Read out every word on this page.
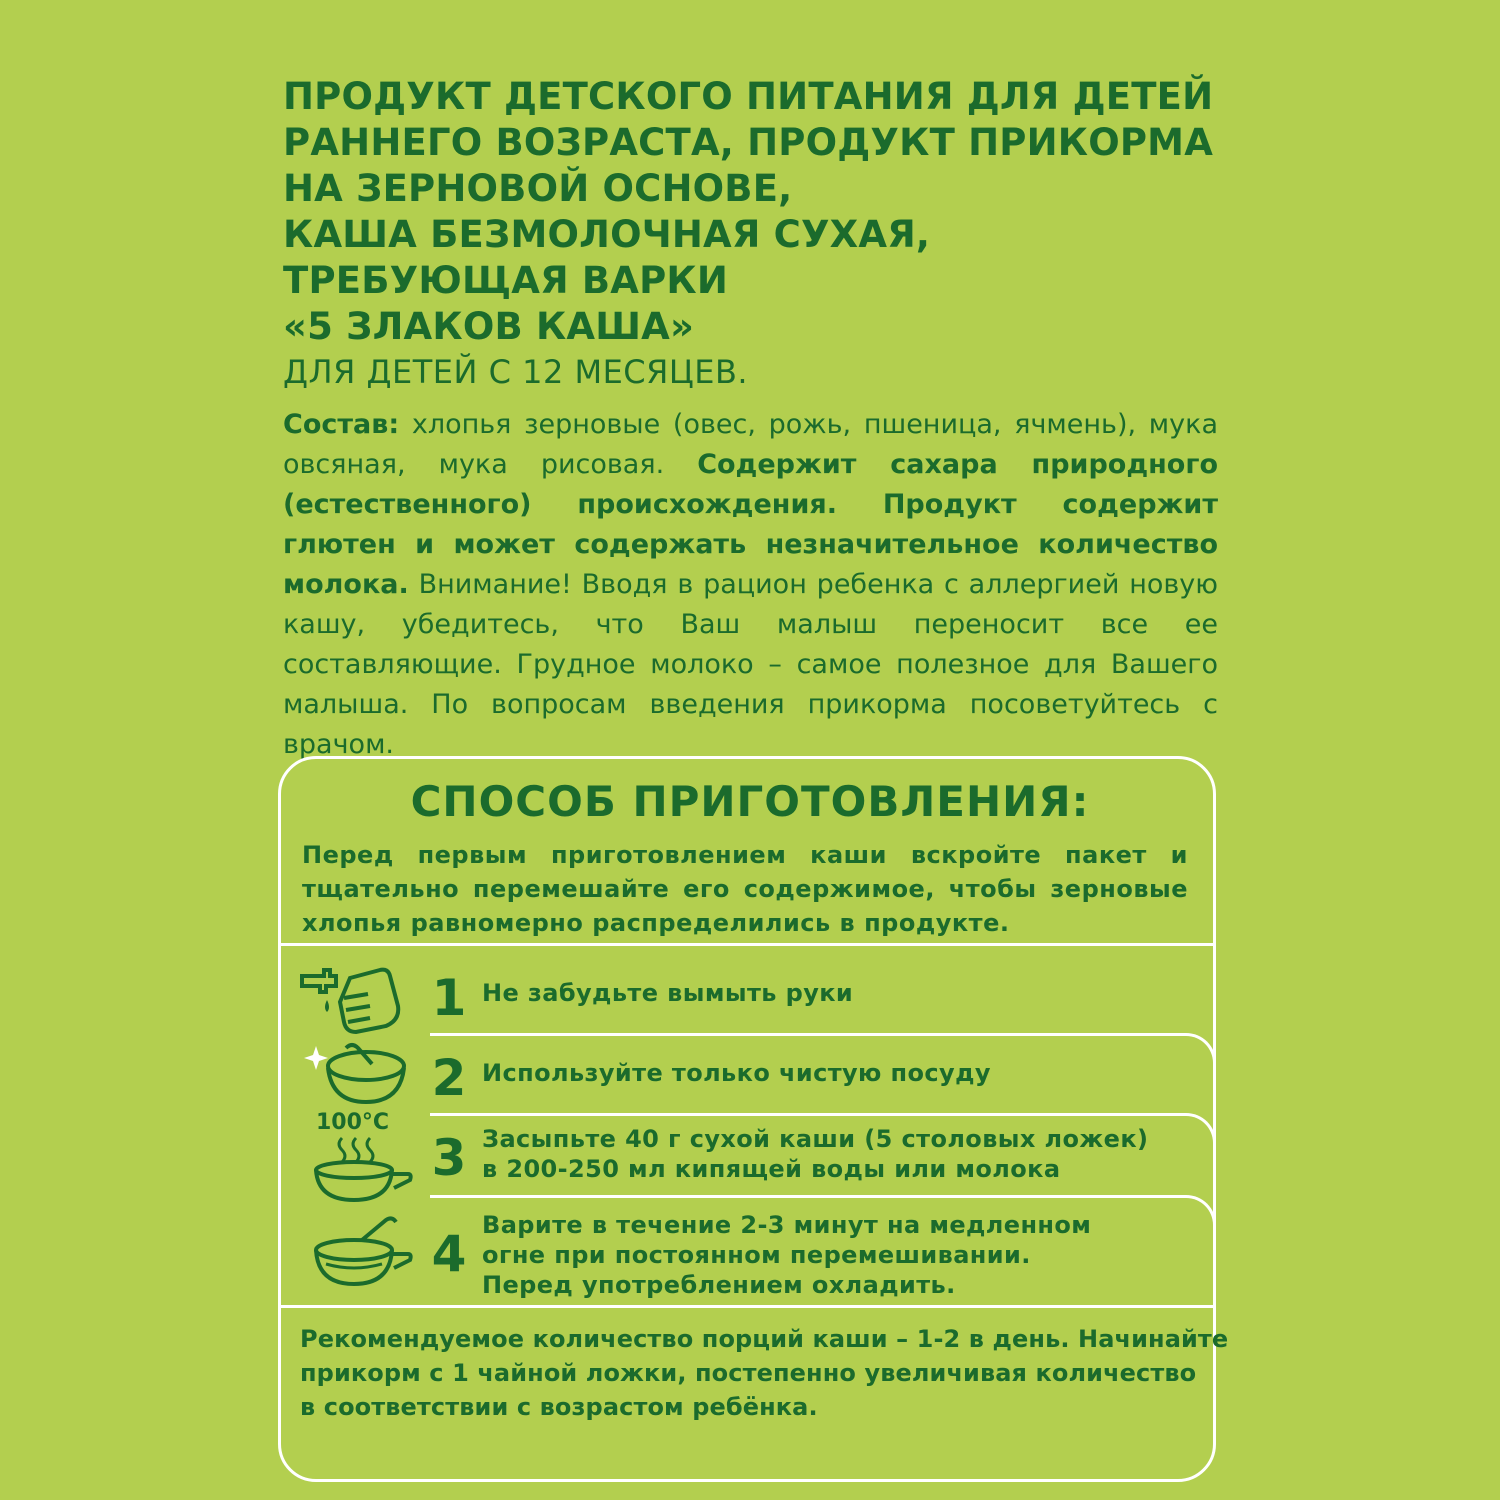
ПРОДУКТ ДЕТСКОГО ПИТАНИЯ ДЛЯ ДЕТЕЙ
РАННЕГО ВОЗРАСТА, ПРОДУКТ ПРИКОРМА
НА ЗЕРНОВОЙ ОСНОВЕ,
КАША БЕЗМОЛОЧНАЯ СУХАЯ,
ТРЕБУЮЩАЯ ВАРКИ
«5 ЗЛАКОВ КАША»
ДЛЯ ДЕТЕЙ С 12 МЕСЯЦЕВ.
Состав: хлопья зерновые (овес, рожь, пшеница, ячмень), мука овсяная, мука рисовая. Содержит сахара природного (естественного) происхождения. Продукт содержит глютен и может содержать незначительное количество молока. Внимание! Вводя в рацион ребенка с аллергией новую кашу, убедитесь, что Ваш малыш переносит все ее составляющие. Грудное молоко – самое полезное для Вашего малыша. По вопросам введения прикорма посоветуйтесь с врачом.
СПОСОБ ПРИГОТОВЛЕНИЯ:
Перед первым приготовлением каши вскройте пакет и тщательно перемешайте его содержимое, чтобы зерновые хлопья равномерно распределились в продукте.
1 Не забудьте вымыть руки
2 Используйте только чистую посуду
100°C
3 Засыпьте 40 г сухой каши (5 столовых ложек)
в 200-250 мл кипящей воды или молока
4 Варите в течение 2-3 минут на медленном
огне при постоянном перемешивании.
Перед употреблением охладить.
Рекомендуемое количество порций каши – 1-2 в день. Начинайте
прикорм с 1 чайной ложки, постепенно увеличивая количество
в соответствии с возрастом ребёнка.
